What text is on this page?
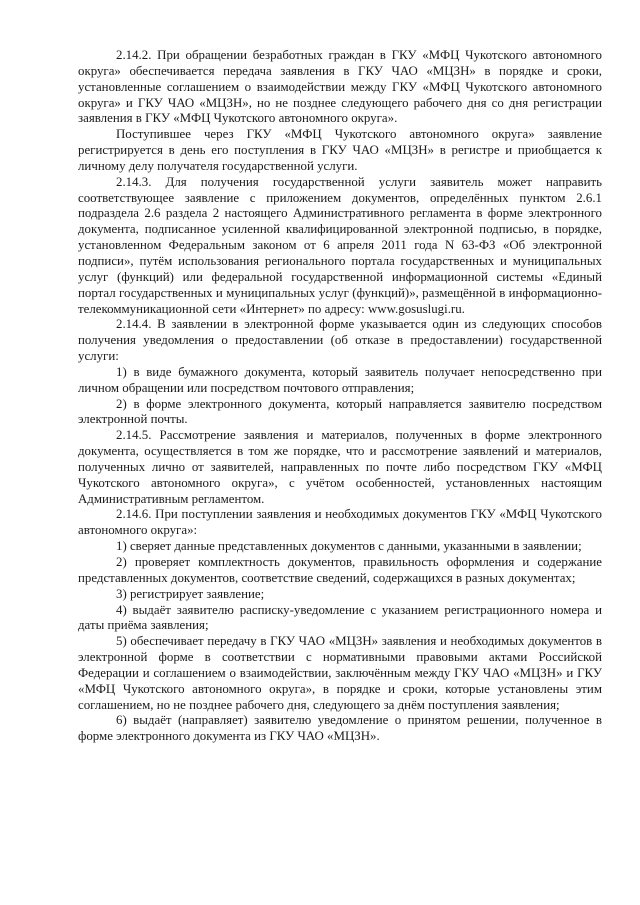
2.14.2. При обращении безработных граждан в ГКУ «МФЦ Чукотского автономного округа» обеспечивается передача заявления в ГКУ ЧАО «МЦЗН» в порядке и сроки, установленные соглашением о взаимодействии между ГКУ «МФЦ Чукотского автономного округа» и ГКУ ЧАО «МЦЗН», но не позднее следующего рабочего дня со дня регистрации заявления в ГКУ «МФЦ Чукотского автономного округа».

Поступившее через ГКУ «МФЦ Чукотского автономного округа» заявление регистрируется в день его поступления в ГКУ ЧАО «МЦЗН» в регистре и приобщается к личному делу получателя государственной услуги.

2.14.3. Для получения государственной услуги заявитель может направить соответствующее заявление с приложением документов, определённых пунктом 2.6.1 подраздела 2.6 раздела 2 настоящего Административного регламента в форме электронного документа, подписанное усиленной квалифицированной электронной подписью, в порядке, установленном Федеральным законом от 6 апреля 2011 года N 63-ФЗ «Об электронной подписи», путём использования регионального портала государственных и муниципальных услуг (функций) или федеральной государственной информационной системы «Единый портал государственных и муниципальных услуг (функций)», размещённой в информационно-телекоммуникационной сети «Интернет» по адресу: www.gosuslugi.ru.

2.14.4. В заявлении в электронной форме указывается один из следующих способов получения уведомления о предоставлении (об отказе в предоставлении) государственной услуги:

1) в виде бумажного документа, который заявитель получает непосредственно при личном обращении или посредством почтового отправления;

2) в форме электронного документа, который направляется заявителю посредством электронной почты.

2.14.5. Рассмотрение заявления и материалов, полученных в форме электронного документа, осуществляется в том же порядке, что и рассмотрение заявлений и материалов, полученных лично от заявителей, направленных по почте либо посредством ГКУ «МФЦ Чукотского автономного округа», с учётом особенностей, установленных настоящим Административным регламентом.

2.14.6. При поступлении заявления и необходимых документов ГКУ «МФЦ Чукотского автономного округа»:

1) сверяет данные представленных документов с данными, указанными в заявлении;

2) проверяет комплектность документов, правильность оформления и содержание представленных документов, соответствие сведений, содержащихся в разных документах;

3) регистрирует заявление;

4) выдаёт заявителю расписку-уведомление с указанием регистрационного номера и даты приёма заявления;

5) обеспечивает передачу в ГКУ ЧАО «МЦЗН» заявления и необходимых документов в электронной форме в соответствии с нормативными правовыми актами Российской Федерации и соглашением о взаимодействии, заключённым между ГКУ ЧАО «МЦЗН» и ГКУ «МФЦ Чукотского автономного округа», в порядке и сроки, которые установлены этим соглашением, но не позднее рабочего дня, следующего за днём поступления заявления;

6) выдаёт (направляет) заявителю уведомление о принятом решении, полученное в форме электронного документа из ГКУ ЧАО «МЦЗН».
